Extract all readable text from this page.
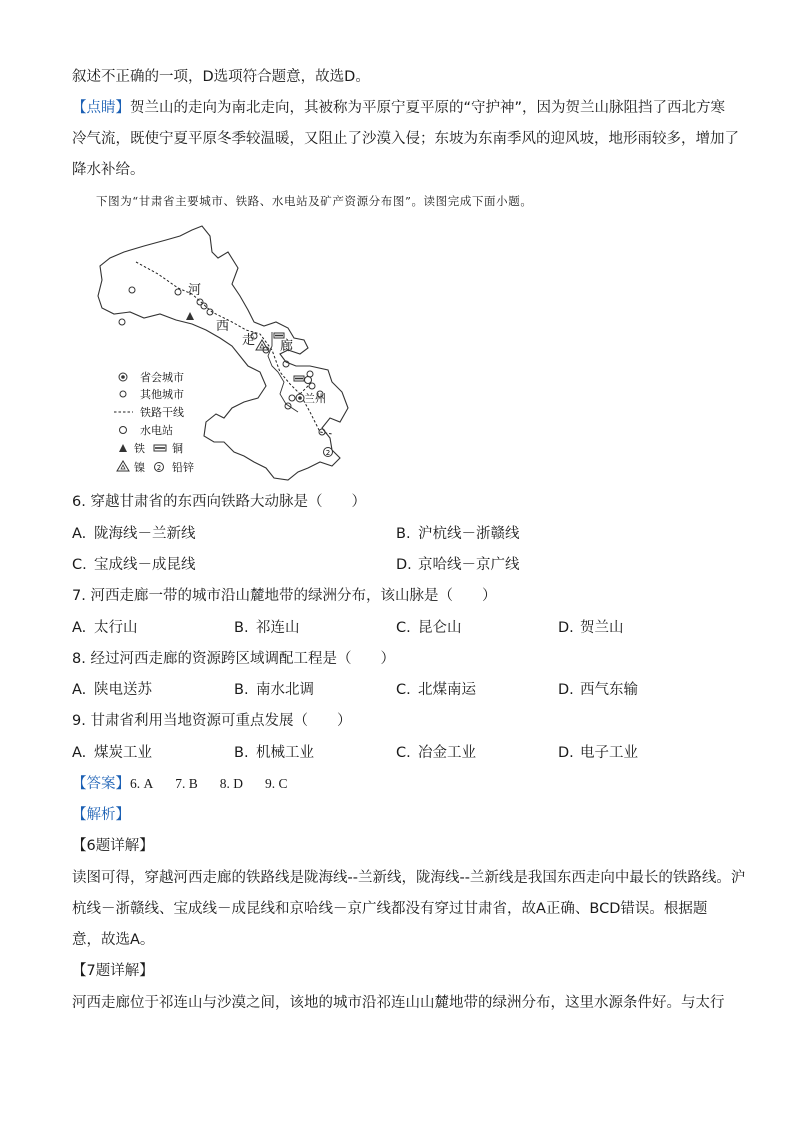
叙述不正确的一项，D选项符合题意，故选D。
【点睛】贺兰山的走向为南北走向，其被称为平原宁夏平原的“守护神”，因为贺兰山脉阻挡了西北方寒
冷气流，既使宁夏平原冬季较温暖，又阻止了沙漠入侵；东坡为东南季风的迎风坡，地形雨较多，增加了
降水补给。
下图为“甘肃省主要城市、铁路、水电站及矿产资源分布图”。读图完成下面小题。
2
河
西
走 廊
兰州
省会城市
其他城市
铁路干线
水电站
铁 铜
镍 2 铅锌
6. 穿越甘肃省的东西向铁路大动脉是（　　）
A. 陇海线－兰新线	B. 沪杭线－浙赣线
C. 宝成线－成昆线	D. 京哈线－京广线
7. 河西走廊一带的城市沿山麓地带的绿洲分布，该山脉是（　　）
A. 太行山	B. 祁连山	C. 昆仑山	D. 贺兰山
8. 经过河西走廊的资源跨区域调配工程是（　　）
A. 陕电送苏	B. 南水北调	C. 北煤南运	D. 西气东输
9. 甘肃省利用当地资源可重点发展（　　）
A. 煤炭工业	B. 机械工业	C. 冶金工业	D. 电子工业
【答案】6. A 7. B 8. D 9. C
【解析】
【6题详解】
读图可得，穿越河西走廊的铁路线是陇海线--兰新线，陇海线--兰新线是我国东西走向中最长的铁路线。沪
杭线－浙赣线、宝成线－成昆线和京哈线－京广线都没有穿过甘肃省，故A正确、BCD错误。根据题
意，故选A。
【7题详解】
河西走廊位于祁连山与沙漠之间，该地的城市沿祁连山山麓地带的绿洲分布，这里水源条件好。与太行
